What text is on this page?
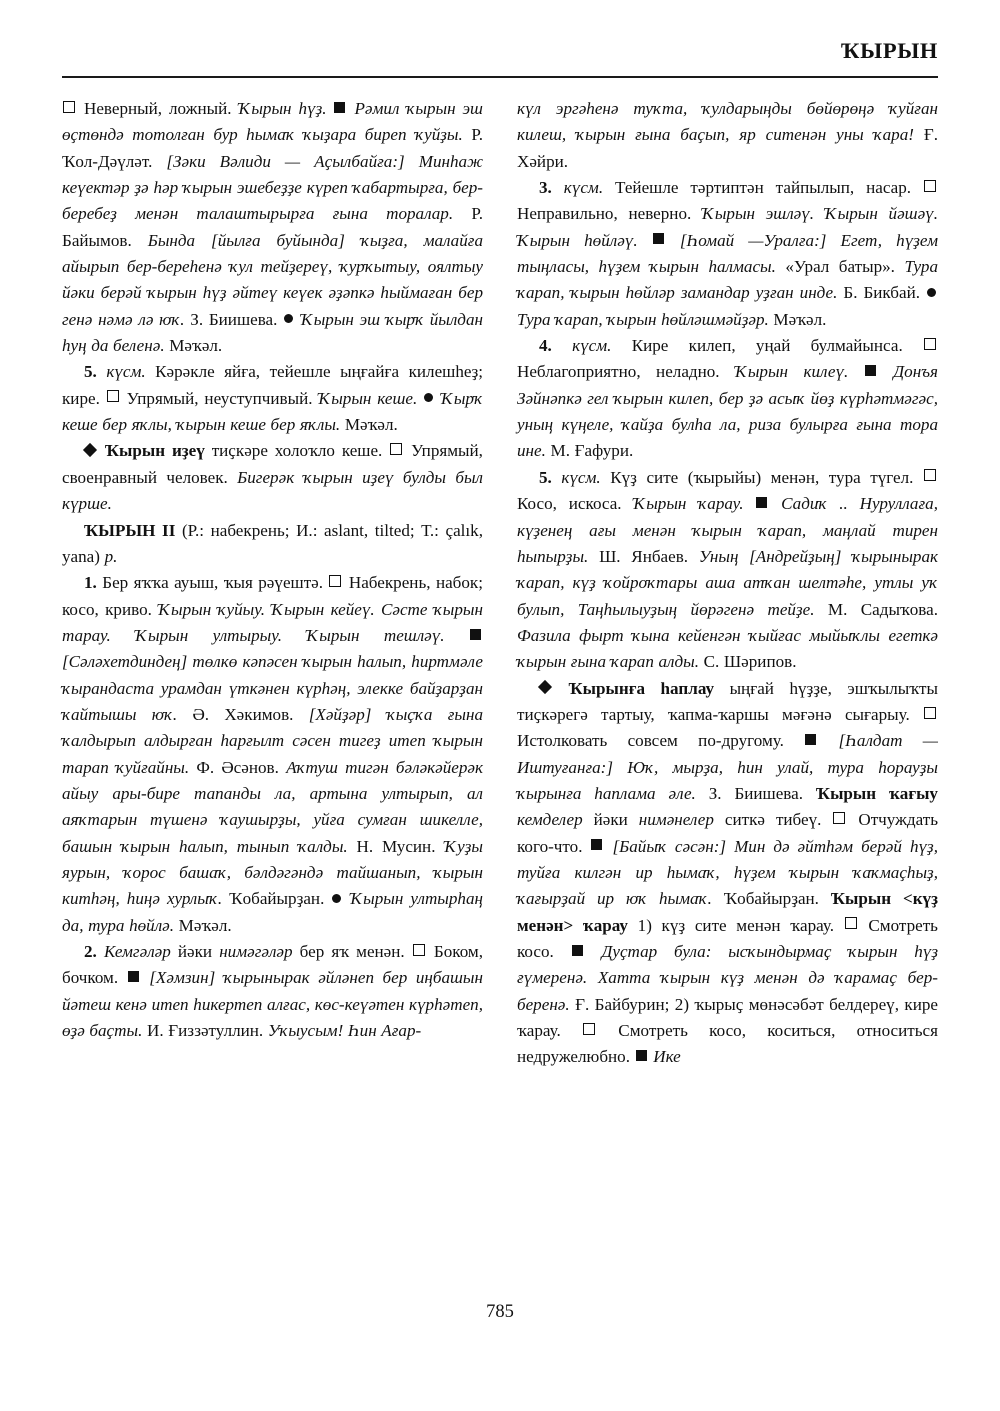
ҠЫРЫН

Неверный, ложный. Ҡырын һүҙ. Рәмил ҡырын эш өҫтөндә тотолған бур һымаҡ ҡыҙара биреп ҡуйҙы. Р. Ҡол-Дәүләт. [Зәки Вәлиди — Аҫылбайға:] Минһаж кеүектәр ҙә һәр ҡырын эшебеҙҙе күреп ҡабартырға, бер-беребеҙ менән талаштырырға ғына торалар. Р. Байымов. Бында [йылға буйында] ҡыҙға, малайға айырып бер-береһенә ҡул тейҙереү, ҡурҡытыу, оялтыу йәки берәй ҡырын һүҙ әйтеү кеүек әҙәпкә һыймаған бер генә нәмә лә юҡ. З. Биишева. Ҡырын эш ҡырҡ йылдан һуң да беленә. Мәҡәл.

5. күсм. Кәрәкле яйға, тейешле ыңғайға килешһеҙ; кире. Упрямый, неуступчивый. Ҡырын кеше. Ҡырҡ кеше бер яҡлы, ҡырын кеше бер яҡлы. Мәҡәл.

Ҡырын иҙеү тиҫкәре холоҡло кеше. Упрямый, своенравный человек. Бигерәк ҡырын иҙеү булды был күрше.

ҠЫРЫН II (Р.: набекрень; И.: aslant, tilted; Т.: çalık, yana) р.

1. Бер яҡҡа ауыш, ҡыя рәүештә. Набекрень, набок; косо, криво. Ҡырын ҡуйыу. Ҡырын кейеү. Сәсте ҡырын тарау. Ҡырын ултырыу. Ҡырын тешләү.  [Сәләхетдиндең] төлкө кәпәсен ҡырын һалып, һиртмәле ҡырандаста урамдан үткәнен күрһәң, элекке байҙарҙан ҡайтышы юҡ. Ә. Хәкимов. [Хәйҙәр] ҡыҫҡа ғына ҡалдырып алдырған һарғылт сәсен тигеҙ итеп ҡырын тарап ҡуйғайны. Ф. Әсәнов. Аҡтуш тигән бәләкәйерәк айыу ары-бире тапанды ла, артына ултырып, ал аяҡтарын түшенә ҡаушырҙы, уйға сумған шикелле, башын ҡырын һалып, тынып ҡалды. Н. Мусин. Ҡуҙы яурын, ҡорос башаҡ, бәлдәгәндә тайшанып, ҡырын китһәң, һиңә хурлыҡ. Ҡобайырҙан. Ҡырын ултырһаң да, тура һөйлә. Мәҡәл.

2. Кемгәләр йәки нимәгәләр бер яҡ менән. Боком, бочком. [Хәмзин] ҡырынырак әйләнеп бер иңбашын йәтеш кенә итеп һикертеп алғас, көс-кеүәтен күрһәтеп, өҙә баҫты. И. Ғиззәтуллин. Уҡыусым! Һин Ағар-

күл эргәһенә туҡта, ҡулдарыңды бөйөрөңә ҡуйған килеш, ҡырын ғына баҫып, яр ситенән уны ҡара! Ғ. Хәйри.

3. күсм. Тейешле тәртиптән тайпылып, насар.  Неправильно, неверно. Ҡырын эшләү. Ҡырын йәшәү. Ҡырын һөйләү. [Һомай —Уралға:] Егет, һүҙем тыңласы, һүҙем ҡырын һалмасы. «Урал батыр». Тура ҡарап, ҡырын һөйләр замандар уҙған инде. Б. Бикбай.  Тура ҡарап, ҡырын һөйләшмәйҙәр. Мәҡәл.

4. күсм. Кире килеп, уңай булмайынса.  Неблагоприятно, неладно. Ҡырын килеү.	Донъя Зәйнәпкә гел ҡырын килеп, бер ҙә асыҡ йөҙ күрһәтмәгәс, уның күңеле, ҡайҙа булһа ла, риза булырға ғына тора ине. М. Ғафури.

5. күсм. Күҙ сите (ҡырыйы) менән, тура түгел.  Косо, искоса. Ҡырын ҡарау. Садиҡ .. Нуруллаға, күҙенең ағы менән ҡырын ҡарап, маңлай тирен һыпырҙы. Ш. Янбаев. Уның [Андрейҙың] ҡырынырак ҡарап, күҙ ҡойроҡтары аша атҡан шелтәһе, утлы уҡ булып, Таңһылыуҙың йөрәгенә тейҙе. М. Садыҡова. Фазила фырт ҡына кейенгән ҡыйғас мыйыҡлы егеткә ҡырын ғына ҡарап алды. С. Шәрипов.

Ҡырынға һаплау ыңғай һүҙҙе, эшҡылыҡты тиҫкәрегә тартыу, ҡапма-ҡаршы мәғәнә сығарыу.  Истолковать совсем по-другому.	[Һалдат — Иштуғанға:] Юҡ, мырҙа, һин улай, тура һорауҙы ҡырынға һаплама әле. З. Биишева. Ҡырын ҡағыу кемделер йәки нимәнелер ситкә тибеү. Отчуждать кого-что. [Байыҡ сәсән:] Мин дә әйтһәм берәй һүҙ, туйға килгән ир һымаҡ, һүҙем ҡырын ҡаҡмаҫһыҙ, ҡағырҙай ир юҡ һымаҡ. Ҡобайырҙан. Ҡырын <күҙ менән> ҡарау 1) күҙ сите менән ҡарау. Смотреть косо.	Дуҫтар була: ысҡындырмаҫ ҡырын һүҙ ғүмеренә. Хатта ҡырын күҙ менән дә ҡарамаҫ бер-беренә. Ғ. Байбурин; 2) ҡырыҫ мөнәсәбәт белдереү, кире ҡарау.	Смотреть косо, коситься, относиться недружелюбно. Ике

785
